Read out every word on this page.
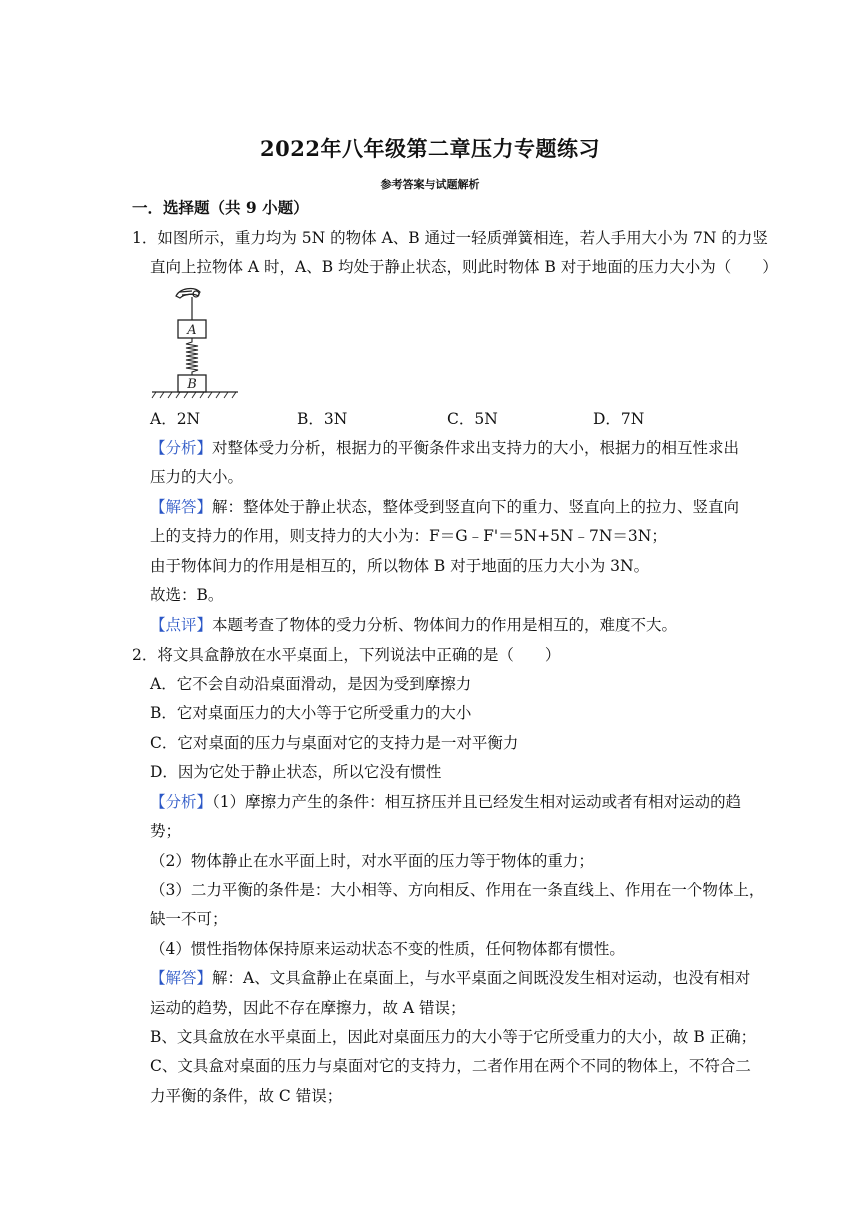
2022年八年级第二章压力专题练习
参考答案与试题解析
一．选择题（共 9 小题）
1．如图所示，重力均为 5N 的物体 A、B 通过一轻质弹簧相连，若人手用大小为 7N 的力竖
直向上拉物体 A 时，A、B 均处于静止状态，则此时物体 B 对于地面的压力大小为（　　）
A
B
A．2N	B．3N	C．5N	D．7N
【分析】对整体受力分析，根据力的平衡条件求出支持力的大小，根据力的相互性求出
压力的大小。
【解答】解：整体处于静止状态，整体受到竖直向下的重力、竖直向上的拉力、竖直向
上的支持力的作用，则支持力的大小为：F＝G﹣F'＝5N+5N﹣7N＝3N；
由于物体间力的作用是相互的，所以物体 B 对于地面的压力大小为 3N。
故选：B。
【点评】本题考查了物体的受力分析、物体间力的作用是相互的，难度不大。
2．将文具盒静放在水平桌面上，下列说法中正确的是（　　）
A．它不会自动沿桌面滑动，是因为受到摩擦力
B．它对桌面压力的大小等于它所受重力的大小
C．它对桌面的压力与桌面对它的支持力是一对平衡力
D．因为它处于静止状态，所以它没有惯性
【分析】（1）摩擦力产生的条件：相互挤压并且已经发生相对运动或者有相对运动的趋
势；
（2）物体静止在水平面上时，对水平面的压力等于物体的重力；
（3）二力平衡的条件是：大小相等、方向相反、作用在一条直线上、作用在一个物体上，
缺一不可；
（4）惯性指物体保持原来运动状态不变的性质，任何物体都有惯性。
【解答】解：A、文具盒静止在桌面上，与水平桌面之间既没发生相对运动，也没有相对
运动的趋势，因此不存在摩擦力，故 A 错误；
B、文具盒放在水平桌面上，因此对桌面压力的大小等于它所受重力的大小，故 B 正确；
C、文具盒对桌面的压力与桌面对它的支持力，二者作用在两个不同的物体上，不符合二
力平衡的条件，故 C 错误；
